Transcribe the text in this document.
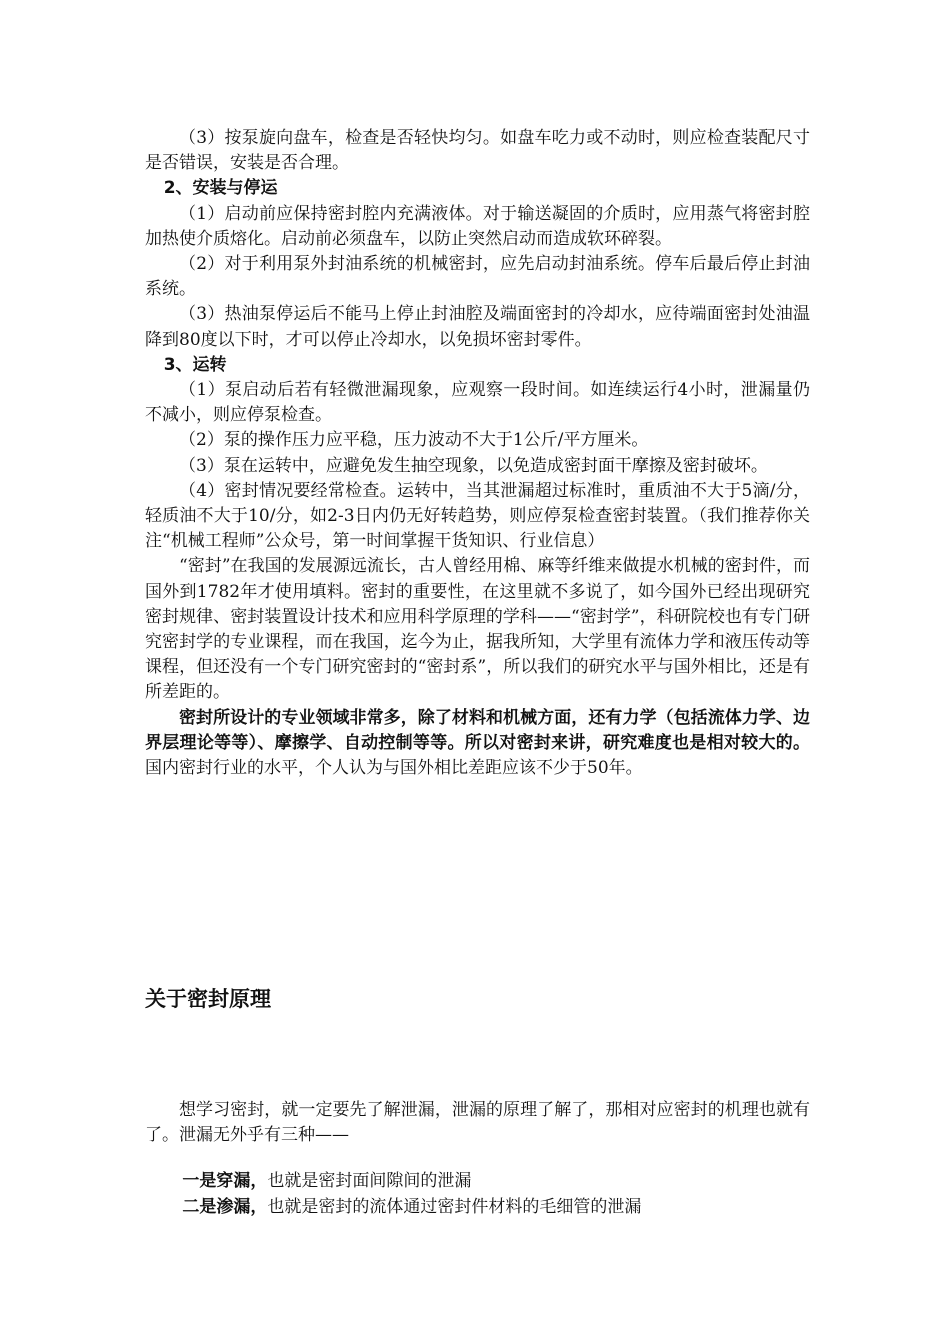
（3）按泵旋向盘车，检查是否轻快均匀。如盘车吃力或不动时，则应检查装配尺寸是否错误，安装是否合理。

2、安装与停运

（1）启动前应保持密封腔内充满液体。对于输送凝固的介质时，应用蒸气将密封腔加热使介质熔化。启动前必须盘车，以防止突然启动而造成软环碎裂。

（2）对于利用泵外封油系统的机械密封，应先启动封油系统。停车后最后停止封油系统。

（3）热油泵停运后不能马上停止封油腔及端面密封的冷却水，应待端面密封处油温降到80度以下时，才可以停止冷却水，以免损坏密封零件。

3、运转

（1）泵启动后若有轻微泄漏现象，应观察一段时间。如连续运行4小时，泄漏量仍不减小，则应停泵检查。

（2）泵的操作压力应平稳，压力波动不大于1公斤/平方厘米。

（3）泵在运转中，应避免发生抽空现象，以免造成密封面干摩擦及密封破坏。

（4）密封情况要经常检查。运转中，当其泄漏超过标准时，重质油不大于5滴/分，轻质油不大于10/分，如2-3日内仍无好转趋势，则应停泵检查密封装置。（我们推荐你关注“机械工程师”公众号，第一时间掌握干货知识、行业信息）

“密封”在我国的发展源远流长，古人曾经用棉、麻等纤维来做提水机械的密封件，而国外到1782年才使用填料。密封的重要性，在这里就不多说了，如今国外已经出现研究密封规律、密封装置设计技术和应用科学原理的学科——“密封学”，科研院校也有专门研究密封学的专业课程，而在我国，迄今为止，据我所知，大学里有流体力学和液压传动等课程，但还没有一个专门研究密封的“密封系”，所以我们的研究水平与国外相比，还是有所差距的。

密封所设计的专业领域非常多，除了材料和机械方面，还有力学（包括流体力学、边界层理论等等）、摩擦学、自动控制等等。所以对密封来讲，研究难度也是相对较大的。国内密封行业的水平，个人认为与国外相比差距应该不少于50年。

关于密封原理

想学习密封，就一定要先了解泄漏，泄漏的原理了解了，那相对应密封的机理也就有了。泄漏无外乎有三种——

一是穿漏，也就是密封面间隙间的泄漏

二是渗漏，也就是密封的流体通过密封件材料的毛细管的泄漏
